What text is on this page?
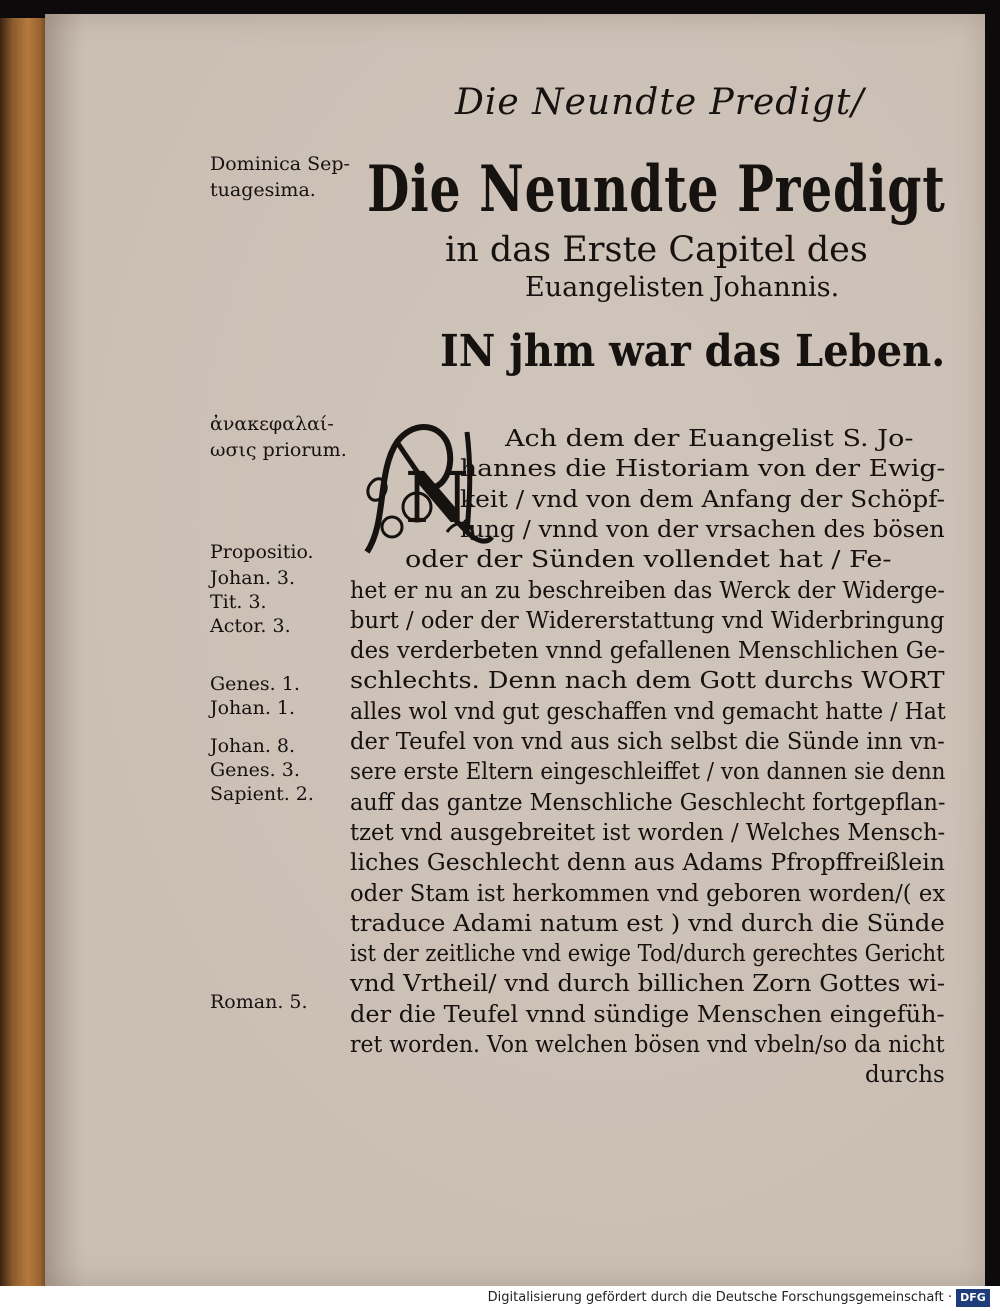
Die Neundte Predigt/
Die Neundte Predigt
in das Erste Capitel des
Euangelisten Johannis.
IN jhm war das Leben.
Dominica Sep-
tuagesima.
ἀνακεφαλαί-
ωσις priorum.
Propositio.
Johan. 3.
Tit. 3.
Actor. 3.
Genes. 1.
Johan. 1.
Johan. 8.
Genes. 3.
Sapient. 2.
Roman. 5.
N
Ach dem der Euangelist S. Jo-
hannes die Historiam von der Ewig-
keit / vnd von dem Anfang der Schöpf-
fung / vnnd von der vrsachen des bösen
oder der Sünden vollendet hat / Fe-
het er nu an zu beschreiben das Werck der Widerge-
burt / oder der Widererstattung vnd Widerbringung
des verderbeten vnnd gefallenen Menschlichen Ge-
schlechts. Denn nach dem Gott durchs WORT
alles wol vnd gut geschaffen vnd gemacht hatte / Hat
der Teufel von vnd aus sich selbst die Sünde inn vn-
sere erste Eltern eingeschleiffet / von dannen sie denn
auff das gantze Menschliche Geschlecht fortgepflan-
tzet vnd ausgebreitet ist worden / Welches Mensch-
liches Geschlecht denn aus Adams Pfropffreißlein
oder Stam ist herkommen vnd geboren worden/( ex
traduce Adami natum est ) vnd durch die Sünde
ist der zeitliche vnd ewige Tod/durch gerechtes Gericht
vnd Vrtheil/ vnd durch billichen Zorn Gottes wi-
der die Teufel vnnd sündige Menschen eingefüh-
ret worden. Von welchen bösen vnd vbeln/so da nicht
durchs
Digitalisierung gefördert durch die Deutsche Forschungsgemeinschaft · DFG
